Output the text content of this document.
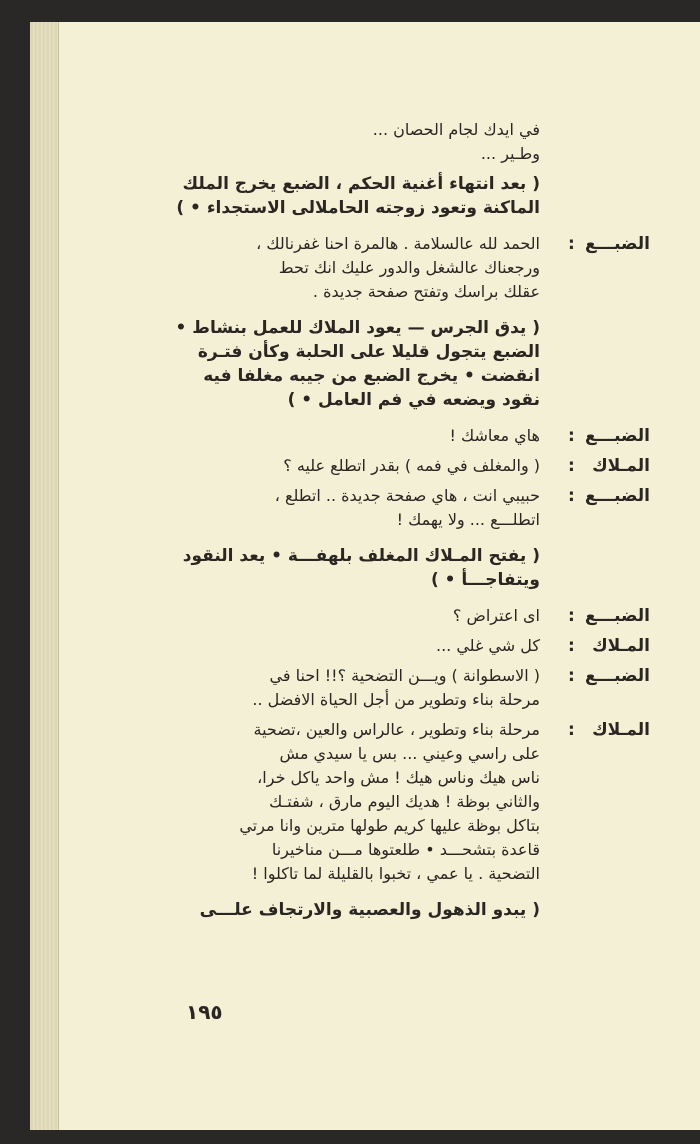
في ايدك لجام الحصان ...
وطـير ...
( بعد انتهاء أغنية الحكم ، الضبع يخرج الملك
الماكنة وتعود زوجته الحاملالى الاستجداء • )
الضبـــع
:
الحمد لله عالسلامة . هالمرة احنا غفرنالك ،
ورجعناك عالشغل والدور عليك انك تحط
عقلك براسك وتفتح صفحة جديدة .
( يدق الجرس — يعود الملاك للعمل بنشاط •
الضبع يتجول قليلا على الحلبة وكأن فتـرة
انقضت • يخرج الضبع من جيبه مغلفا فيه
نقود ويضعه في فم العامل • )
الضبـــع
:
هاي معاشك !
المـلاك
:
( والمغلف في فمه ) بقدر اتطلع عليه ؟
الضبـــع
:
حبيبي انت ، هاي صفحة جديدة .. اتطلع ،
اتطلـــع ... ولا يهمك !
( يفتح المـلاك المغلف بلهفـــة • يعد النقود
ويتفاجـــأ • )
الضبـــع
:
اى اعتراض ؟
المـلاك
:
كل شي غلي ...
الضبـــع
:
( الاسطوانة ) ويـــن التضحية ؟!! احنا في
مرحلة بناء وتطوير من أجل الحياة الافضل ..
المـلاك
:
مرحلة بناء وتطوير ، عالراس والعين ،تضحية
على راسي وعيني ... بس يا سيدي مش
ناس هيك وناس هيك ! مش واحد ياكل خرا،
والثاني بوظة ! هديك اليوم مارق ، شفتـك
بتاكل بوظة عليها كريم طولها مترين وانا مرتي
قاعدة بتشحـــد • طلعتوها مـــن مناخيرنا
التضحية . يا عمي ، تخبوا بالقليلة لما تاكلوا !
( يبدو الذهول والعصبية والارتجاف علـــى
١٩٥
